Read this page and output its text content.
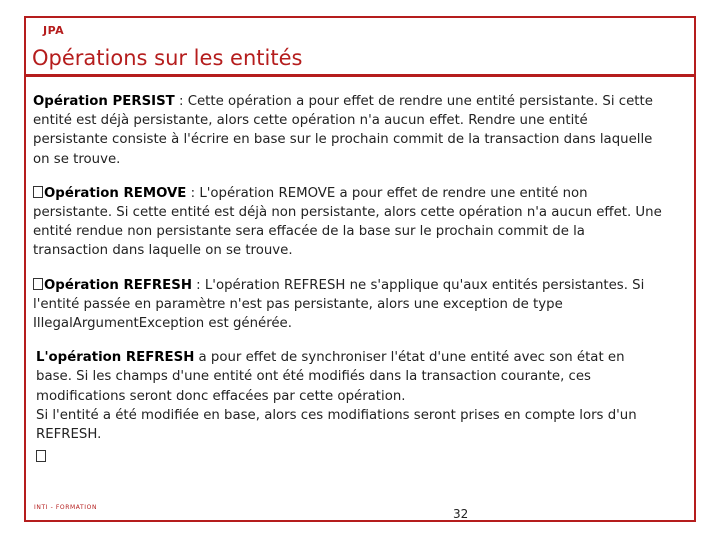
JPA
Opérations sur les entités

Opération PERSIST : Cette opération a pour effet de rendre une entité persistante. Si cette entité est déjà persistante, alors cette opération n'a aucun effet. Rendre une entité persistante consiste à l'écrire en base sur le prochain commit de la transaction dans laquelle on se trouve.

Opération REMOVE : L'opération REMOVE a pour effet de rendre une entité non persistante. Si cette entité est déjà non persistante, alors cette opération n'a aucun effet. Une entité rendue non persistante sera effacée de la base sur le prochain commit de la transaction dans laquelle on se trouve.

Opération REFRESH : L'opération REFRESH ne s'applique qu'aux entités persistantes. Si l'entité passée en paramètre n'est pas persistante, alors une exception de type IllegalArgumentException est générée.

L'opération REFRESH a pour effet de synchroniser l'état d'une entité avec son état en base. Si les champs d'une entité ont été modifiés dans la transaction courante, ces modifications seront donc effacées par cette opération.
Si l'entité a été modifiée en base, alors ces modifiations seront prises en compte lors d'un REFRESH.

INTI - FORMATION	32
